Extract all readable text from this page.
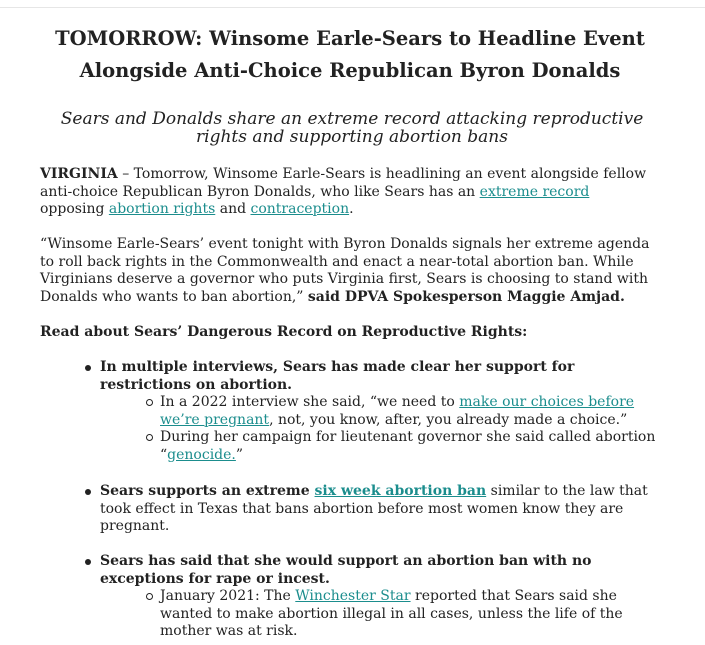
TOMORROW: Winsome Earle-Sears to Headline Event
Alongside Anti-Choice Republican Byron Donalds
Sears and Donalds share an extreme record attacking reproductive rights and supporting abortion bans

VIRGINIA – Tomorrow, Winsome Earle-Sears is headlining an event alongside fellow anti-choice Republican Byron Donalds, who like Sears has an extreme record opposing abortion rights and contraception.

“Winsome Earle-Sears’ event tonight with Byron Donalds signals her extreme agenda to roll back rights in the Commonwealth and enact a near-total abortion ban. While Virginians deserve a governor who puts Virginia first, Sears is choosing to stand with Donalds who wants to ban abortion,” said DPVA Spokesperson Maggie Amjad.

Read about Sears’ Dangerous Record on Reproductive Rights:

In multiple interviews, Sears has made clear her support for restrictions on abortion.
In a 2022 interview she said, “we need to make our choices before we’re pregnant, not, you know, after, you already made a choice.”
During her campaign for lieutenant governor she said called abortion “genocide.”
Sears supports an extreme six week abortion ban similar to the law that took effect in Texas that bans abortion before most women know they are pregnant.
Sears has said that she would support an abortion ban with no exceptions for rape or incest.
January 2021: The Winchester Star reported that Sears said she wanted to make abortion illegal in all cases, unless the life of the mother was at risk.
